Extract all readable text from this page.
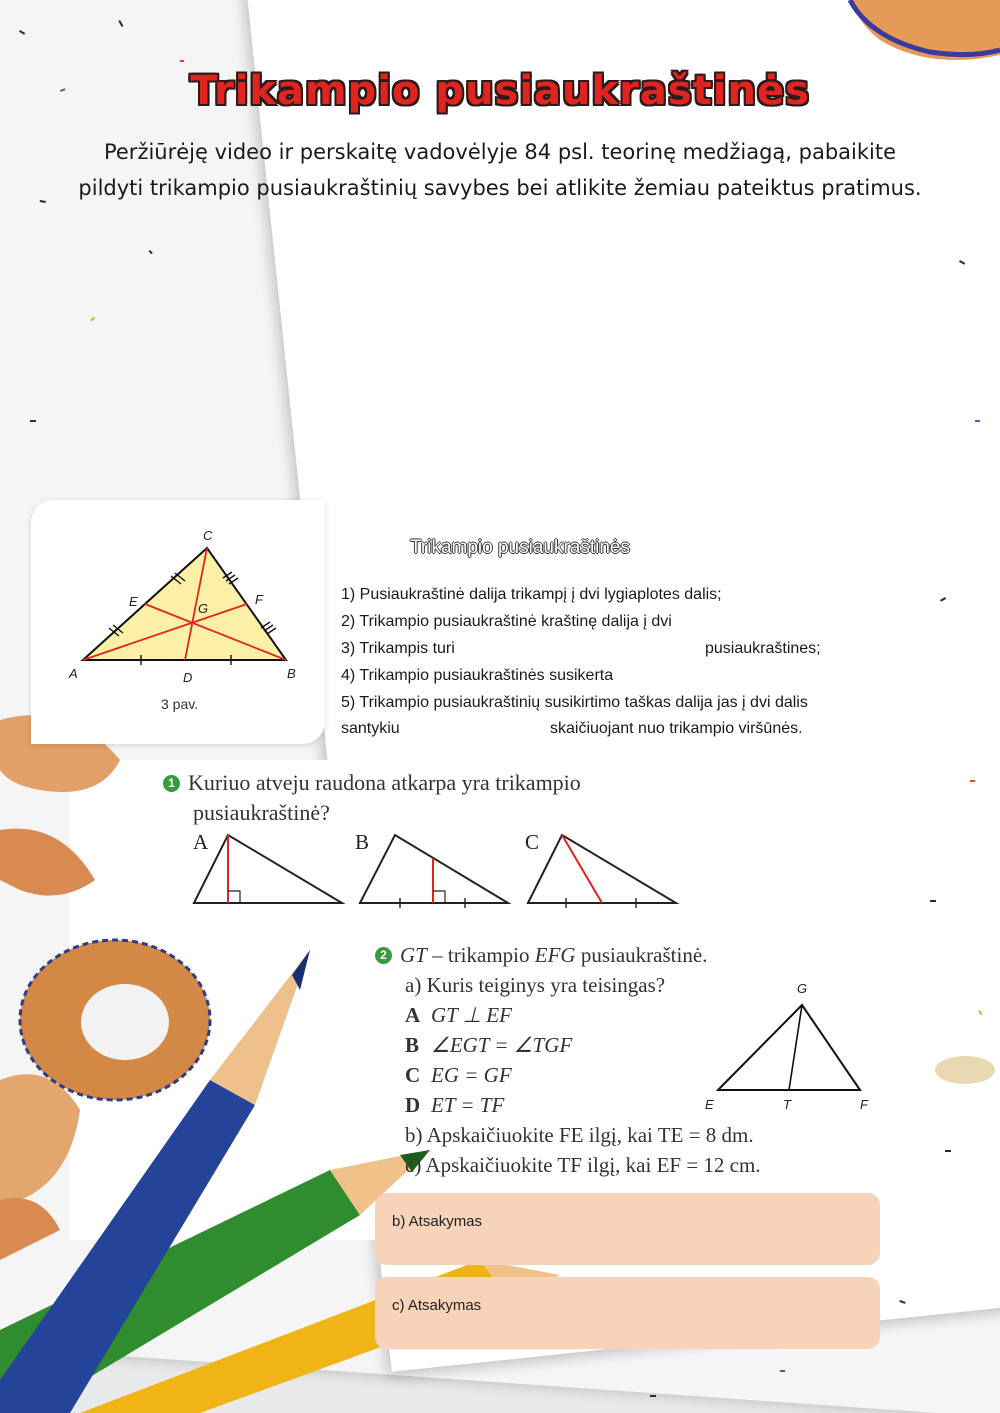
Trikampio pusiaukraštinės
Peržiūrėję video ir perskaitę vadovėlyje 84 psl. teorinę medžiagą, pabaikite
pildyti trikampio pusiaukraštinių savybes bei atlikite žemiau pateiktus pratimus.
C
A	B
D
E	F
G
3 pav.
Trikampio pusiaukraštinės
1) Pusiaukraštinė dalija trikampį į dvi lygiaplotes dalis;
2) Trikampio pusiaukraštinė kraštinę dalija į dvi
3) Trikampis turi	pusiaukraštines;
4) Trikampio pusiaukraštinės susikerta
5) Trikampio pusiaukraštinių susikirtimo taškas dalija jas į dvi dalis
santykiu	skaičiuojant nuo trikampio viršūnės.
1 Kuriuo atveju raudona atkarpa yra trikampio
pusiaukraštinė?
A	B	C
2 GT – trikampio EFG pusiaukraštinė.
a) Kuris teiginys yra teisingas?
A GT ⊥ EF
B ∠EGT = ∠TGF
C EG = GF
D ET = TF
b) Apskaičiuokite FE ilgį, kai TE = 8 dm.
c) Apskaičiuokite TF ilgį, kai EF = 12 cm.
G
E	T	F
b) Atsakymas
c) Atsakymas
